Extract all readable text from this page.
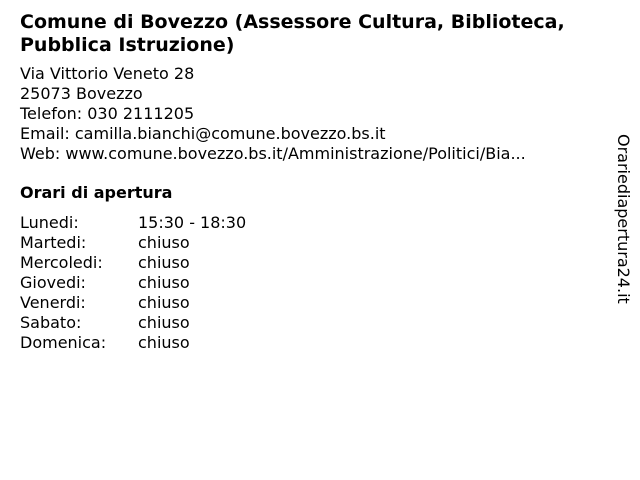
Comune di Bovezzo (Assessore Cultura, Biblioteca, Pubblica Istruzione)
Via Vittorio Veneto 28
25073 Bovezzo
Telefon: 030 2111205
Email: camilla.bianchi@comune.bovezzo.bs.it
Web: www.comune.bovezzo.bs.it/Amministrazione/Politici/Bia...
Orari di apertura
Lunedi:	15:30 - 18:30
Martedi:	chiuso
Mercoledi: chiuso
Giovedi:	chiuso
Venerdi:	chiuso
Sabato:	chiuso
Domenica: chiuso
Orariediapertura24.it
